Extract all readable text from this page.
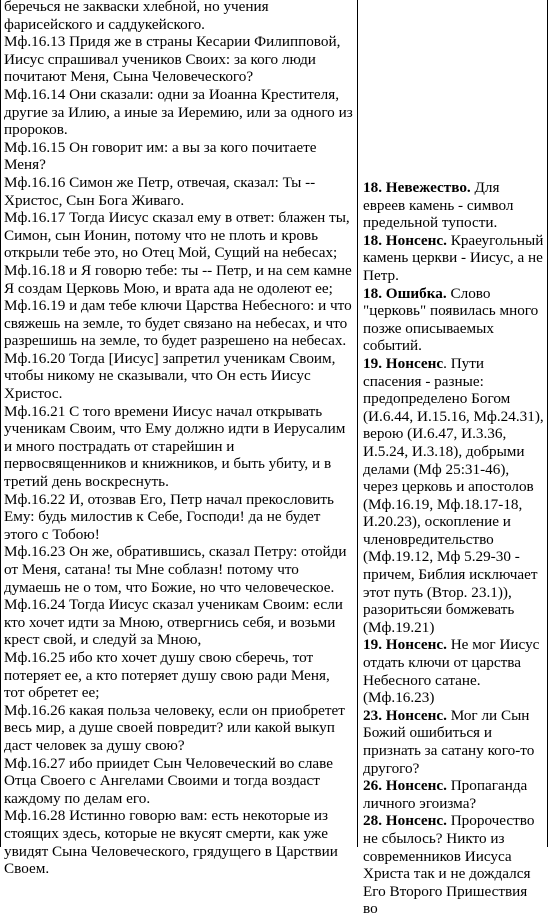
беречься не закваски хлебной, но учения фарисейского и саддукейского.

Мф.16.13 Придя же в страны Кесарии Филипповой, Иисус спрашивал учеников Своих: за кого люди почитают Меня, Сына Человеческого?

Мф.16.14 Они сказали: одни за Иоанна Крестителя, другие за Илию, а иные за Иеремию, или за одного из пророков.

Мф.16.15 Он говорит им: а вы за кого почитаете Меня?

Мф.16.16 Симон же Петр, отвечая, сказал: Ты -- Христос, Сын Бога Живаго.

Мф.16.17 Тогда Иисус сказал ему в ответ: блажен ты, Симон, сын Ионин, потому что не плоть и кровь открыли тебе это, но Отец Мой, Сущий на небесах;

Мф.16.18 и Я говорю тебе: ты -- Петр, и на сем камне Я создам Церковь Мою, и врата ада не одолеют ее;

Мф.16.19 и дам тебе ключи Царства Небесного: и что свяжешь на земле, то будет связано на небесах, и что разрешишь на земле, то будет разрешено на небесах.

Мф.16.20 Тогда [Иисус] запретил ученикам Своим, чтобы никому не сказывали, что Он есть Иисус Христос.

Мф.16.21 С того времени Иисус начал открывать ученикам Своим, что Ему должно идти в Иерусалим и много пострадать от старейшин и первосвященников и книжников, и быть убиту, и в третий день воскреснуть.

Мф.16.22 И, отозвав Его, Петр начал прекословить Ему: будь милостив к Себе, Господи! да не будет этого с Тобою!

Мф.16.23 Он же, обратившись, сказал Петру: отойди от Меня, сатана! ты Мне соблазн! потому что думаешь не о том, что Божие, но что человеческое.

Мф.16.24 Тогда Иисус сказал ученикам Своим: если кто хочет идти за Мною, отвергнись себя, и возьми крест свой, и следуй за Мною,

Мф.16.25 ибо кто хочет душу свою сберечь, тот потеряет ее, а кто потеряет душу свою ради Меня, тот обретет ее;

Мф.16.26 какая польза человеку, если он приобретет весь мир, а душе своей повредит? или какой выкуп даст человек за душу свою?

Мф.16.27 ибо приидет Сын Человеческий во славе Отца Своего с Ангелами Своими и тогда воздаст каждому по делам его.

Мф.16.28 Истинно говорю вам: есть некоторые из стоящих здесь, которые не вкусят смерти, как уже увидят Сына Человеческого, грядущего в Царствии Своем.

18. Невежество. Для евреев камень - символ предельной тупости.

18. Нонсенс. Краеугольный камень церкви - Иисус, а не Петр.

18. Ошибка. Слово "церковь" появилась много позже описываемых событий.

19. Нонсенс. Пути спасения - разные: предопределено Богом (И.6.44, И.15.16, Мф.24.31), верою (И.6.47, И.3.36, И.5.24, И.3.18), добрыми делами (Мф 25:31-46), через церковь и апостолов (Мф.16.19, Мф.18.17-18, И.20.23), оскопление и членовредительство (Мф.19.12, Мф 5.29-30 - причем, Библия исключает этот путь (Втор. 23.1)), разоритьсяи бомжевать (Мф.19.21)

19. Нонсенс. Не мог Иисус отдать ключи от царства Небесного сатане. (Мф.16.23)

23. Нонсенс. Мог ли Сын Божий ошибиться и признать за сатану кого-то другого?

26. Нонсенс. Пропаганда личного эгоизма?

28. Нонсенс. Пророчество не сбылось? Никто из современников Иисуса Христа так и не дождался Его Второго Пришествия во
